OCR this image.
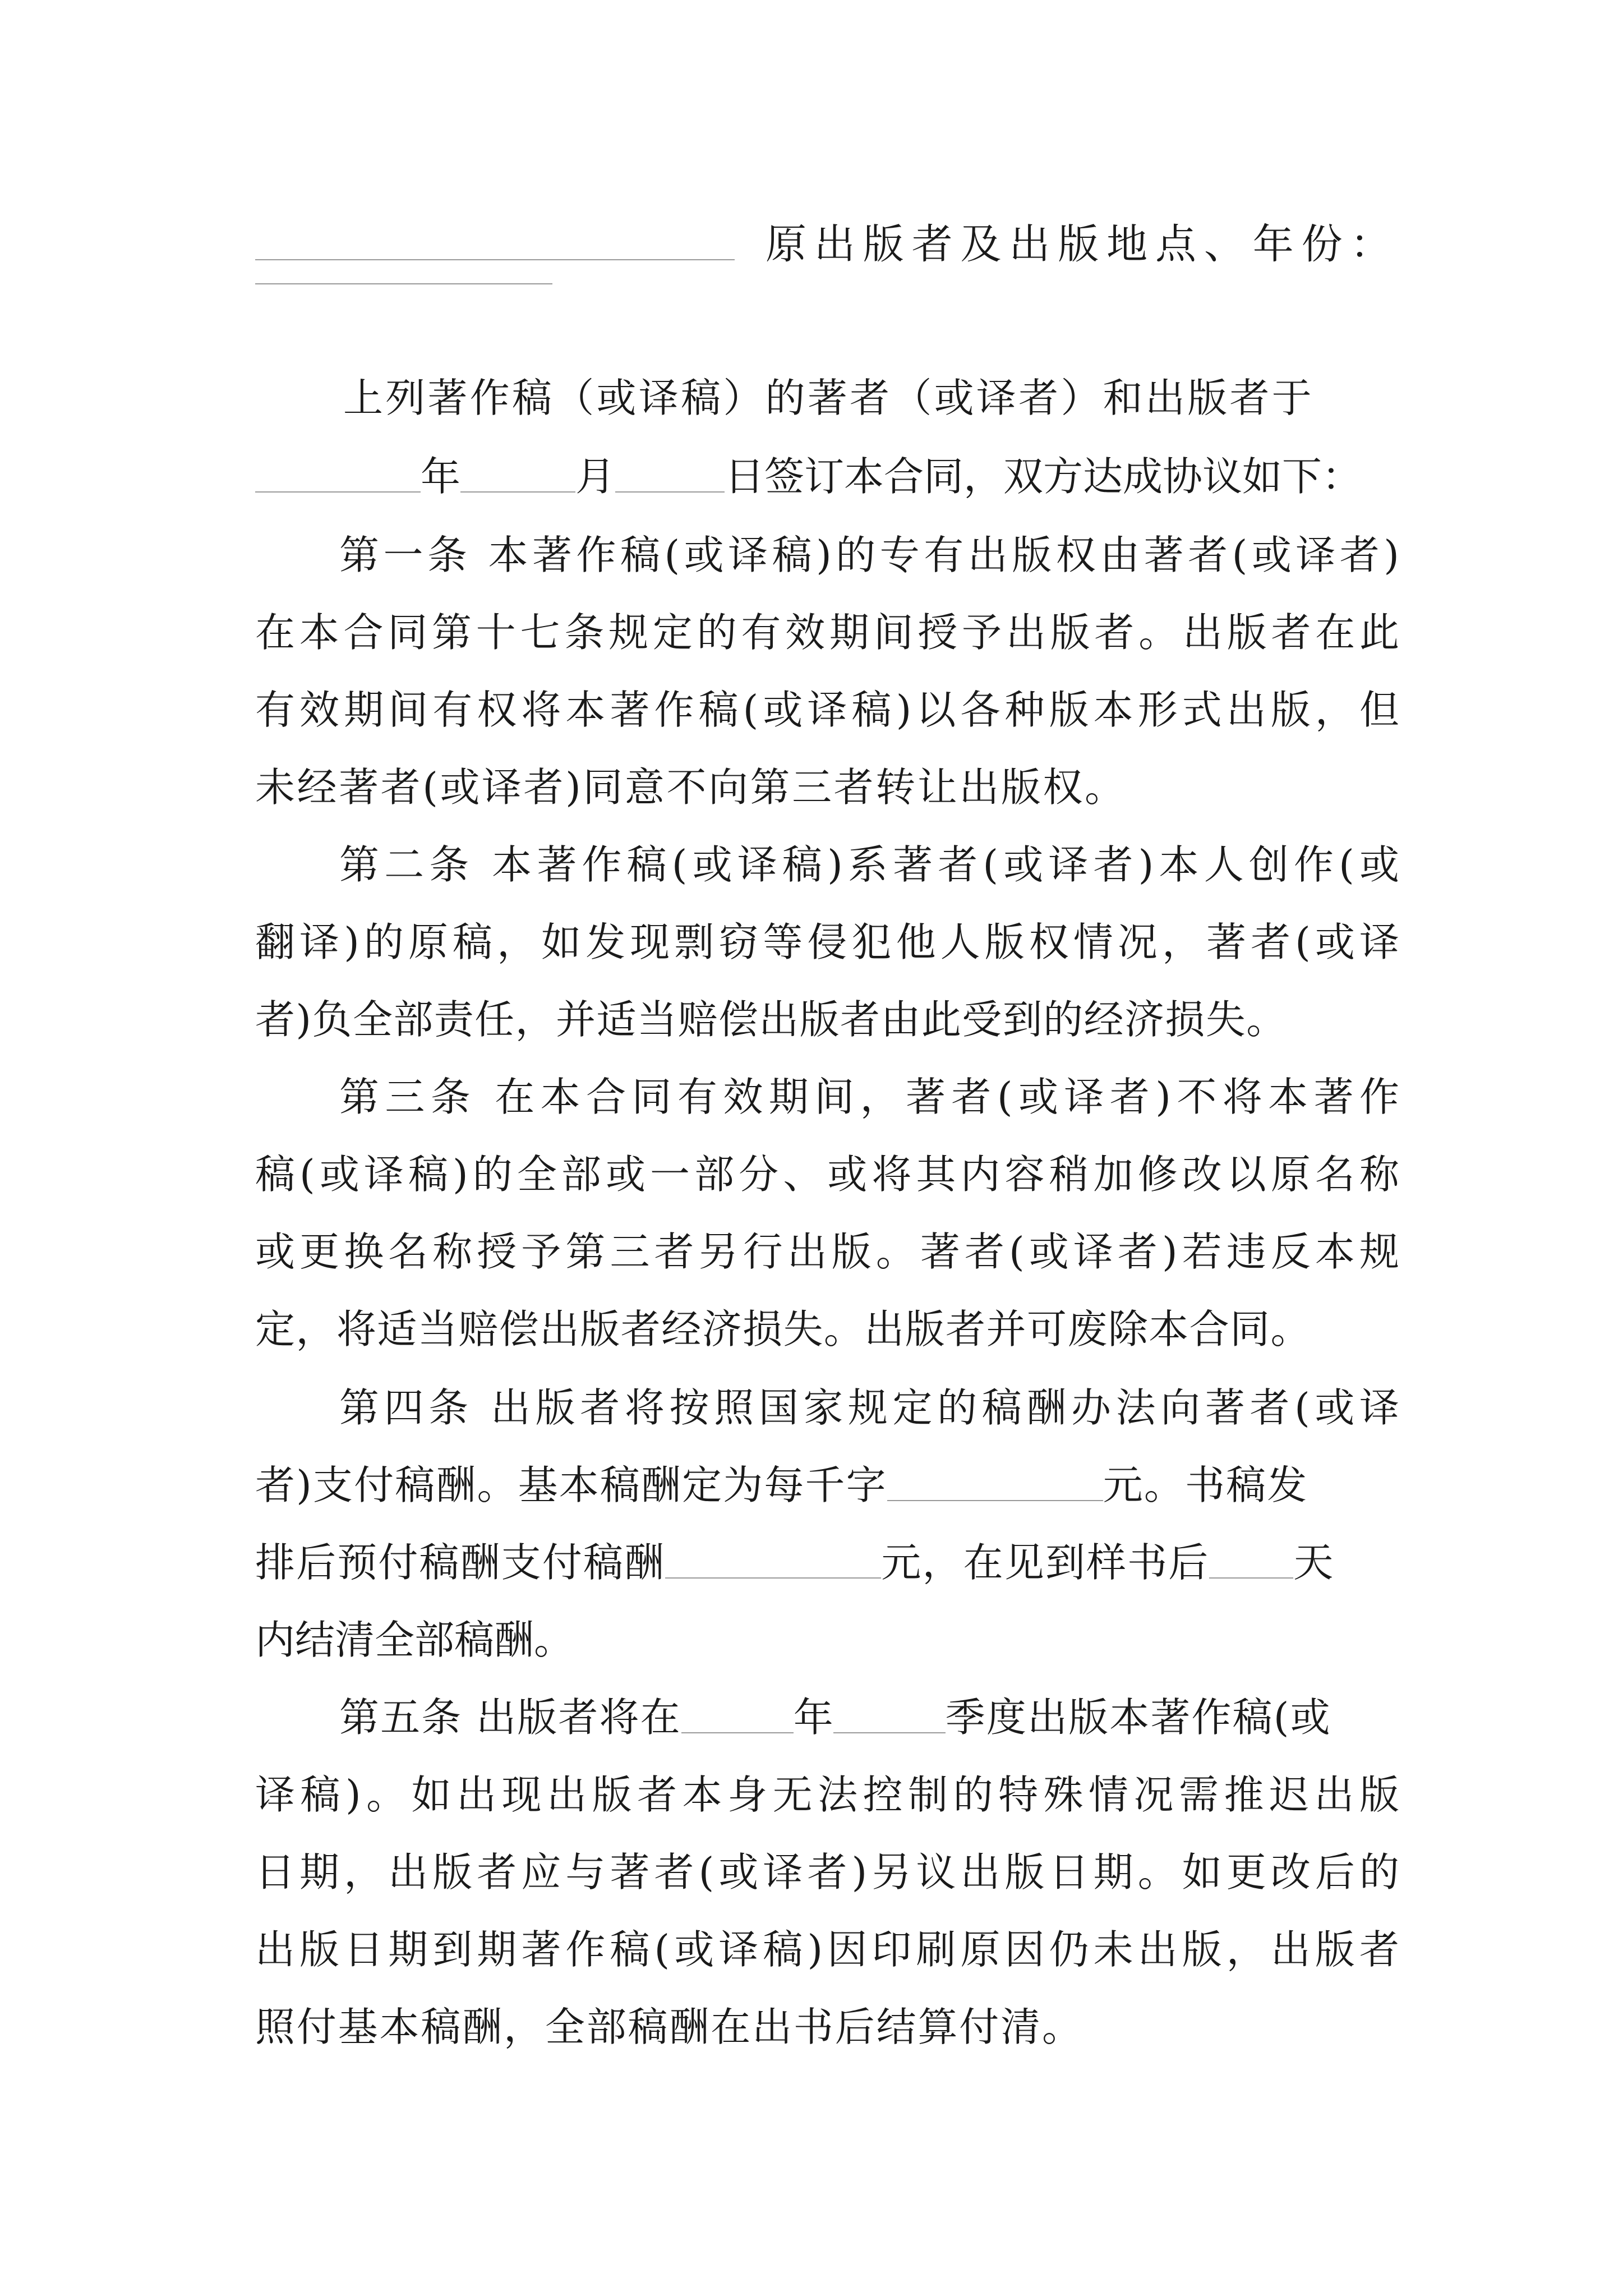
原出版者及出版地点、年份：
上列著作稿（或译稿）的著者（或译者）和出版者于
年	月	日签订本合同，双方达成协议如下：
第一条 本著作稿(或译稿)的专有出版权由著者(或译者)
在本合同第十七条规定的有效期间授予出版者。出版者在此
有效期间有权将本著作稿(或译稿)以各种版本形式出版，但
未经著者(或译者)同意不向第三者转让出版权。
第二条 本著作稿(或译稿)系著者(或译者)本人创作(或
翻译)的原稿，如发现剽窃等侵犯他人版权情况，著者(或译
者)负全部责任，并适当赔偿出版者由此受到的经济损失。
第三条 在本合同有效期间，著者(或译者)不将本著作
稿(或译稿)的全部或一部分、或将其内容稍加修改以原名称
或更换名称授予第三者另行出版。著者(或译者)若违反本规
定，将适当赔偿出版者经济损失。出版者并可废除本合同。
第四条 出版者将按照国家规定的稿酬办法向著者(或译
者)支付稿酬。基本稿酬定为每千字	元。书稿发
排后预付稿酬支付稿酬	元，在见到样书后 天
内结清全部稿酬。
第五条 出版者将在	年	季度出版本著作稿(或
译稿)。如出现出版者本身无法控制的特殊情况需推迟出版
日期，出版者应与著者(或译者)另议出版日期。如更改后的
出版日期到期著作稿(或译稿)因印刷原因仍未出版，出版者
照付基本稿酬，全部稿酬在出书后结算付清。
